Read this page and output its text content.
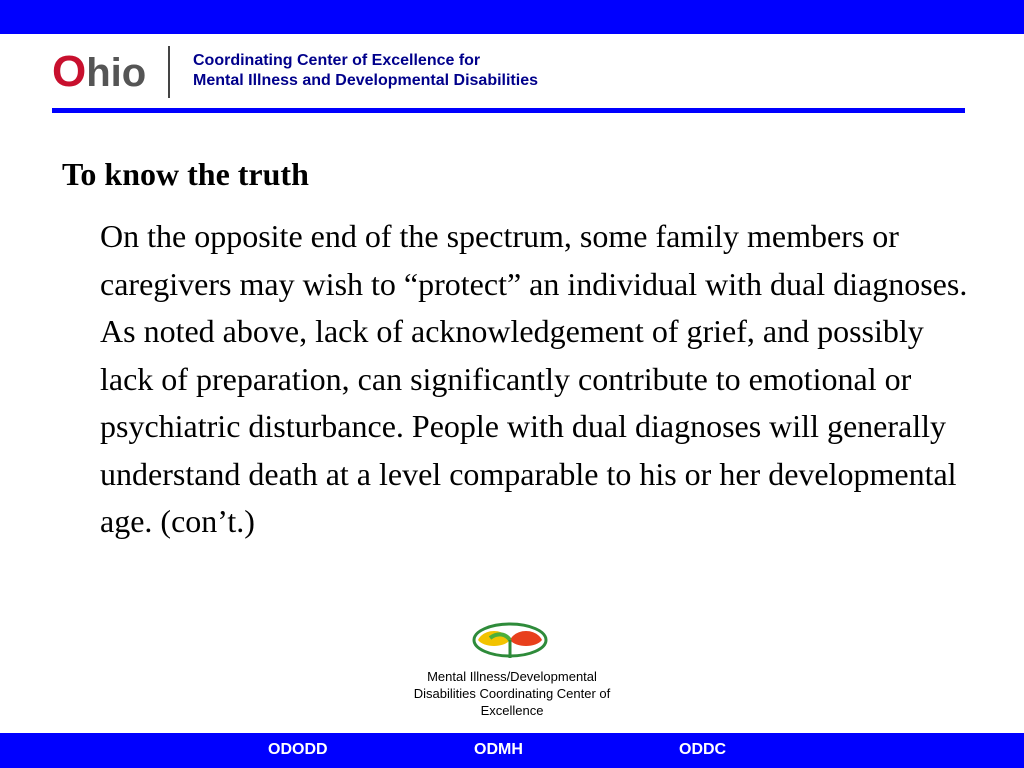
Ohio	Coordinating Center of Excellence for
Mental Illness and Developmental Disabilities
To know the truth
On the opposite end of the spectrum, some family members or caregivers may wish to “protect” an individual with dual diagnoses. As noted above, lack of acknowledgement of grief, and possibly lack of preparation, can significantly contribute to emotional or psychiatric disturbance. People with dual diagnoses will generally understand death at a level comparable to his or her developmental age. (con’t.)
Mental Illness/Developmental
Disabilities Coordinating Center of
Excellence
ODODD	ODMH	ODDC
